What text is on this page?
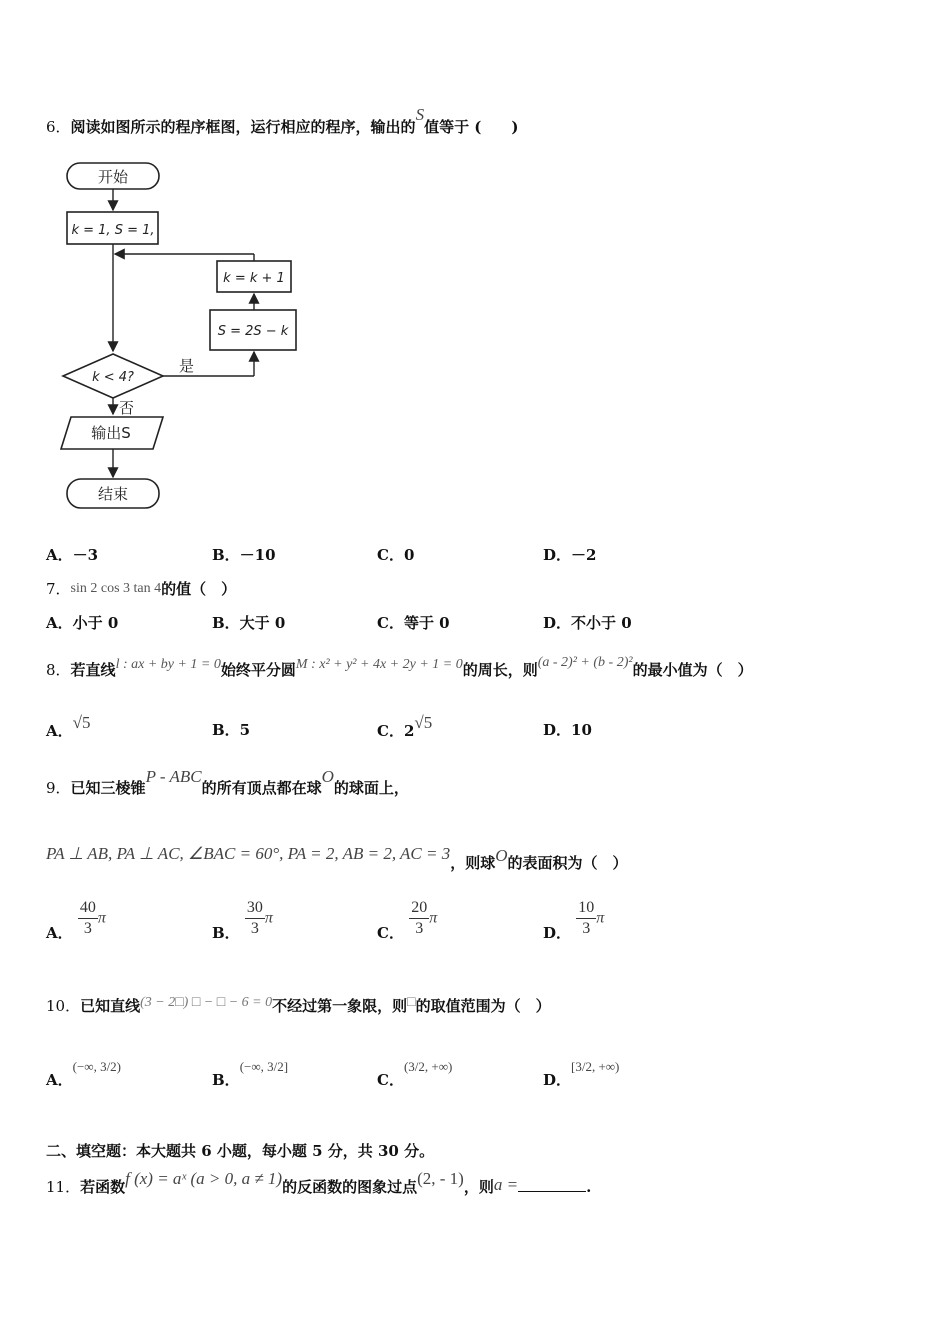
6．阅读如图所示的程序框图，运行相应的程序，输出的S值等于 (　　)
开始
k = 1, S = 1,
k = k + 1
S = 2S − k
k < 4?
是
否
输出S
结束
A．－3	B．－10	C．0	D．－2
7．sin 2 cos 3 tan 4的值（　）
A．小于 0	B．大于 0	C．等于 0	D．不小于 0
8．若直线l : ax + by + 1 = 0始终平分圆M : x² + y² + 4x + 2y + 1 = 0的周长，则(a - 2)² + (b - 2)²的最小值为（　）
A．√5	B．5	C．2√5	D．10
9．已知三棱锥P - ABC的所有顶点都在球O的球面上，
PA ⊥ AB, PA ⊥ AC, ∠BAC = 60°, PA = 2, AB = 2, AC = 3，则球O的表面积为（　）
A． $\frac{40}{3}$ π
B． $\frac{30}{3}$ π
C． $\frac{20}{3}$ π
D． $\frac{10}{3}$ π
10．已知直线(3 − 2□) □ − □ − 6 = 0不经过第一象限，则□的取值范围为（　）
A．(−∞, 3/2)
B．(−∞, 3/2]
C．(3/2, +∞)
D．[3/2, +∞)
二、填空题：本大题共 6 小题，每小题 5 分，共 30 分。
11．若函数f (x) = aˣ (a > 0, a ≠ 1)的反函数的图象过点(2, - 1)，则a =	.
